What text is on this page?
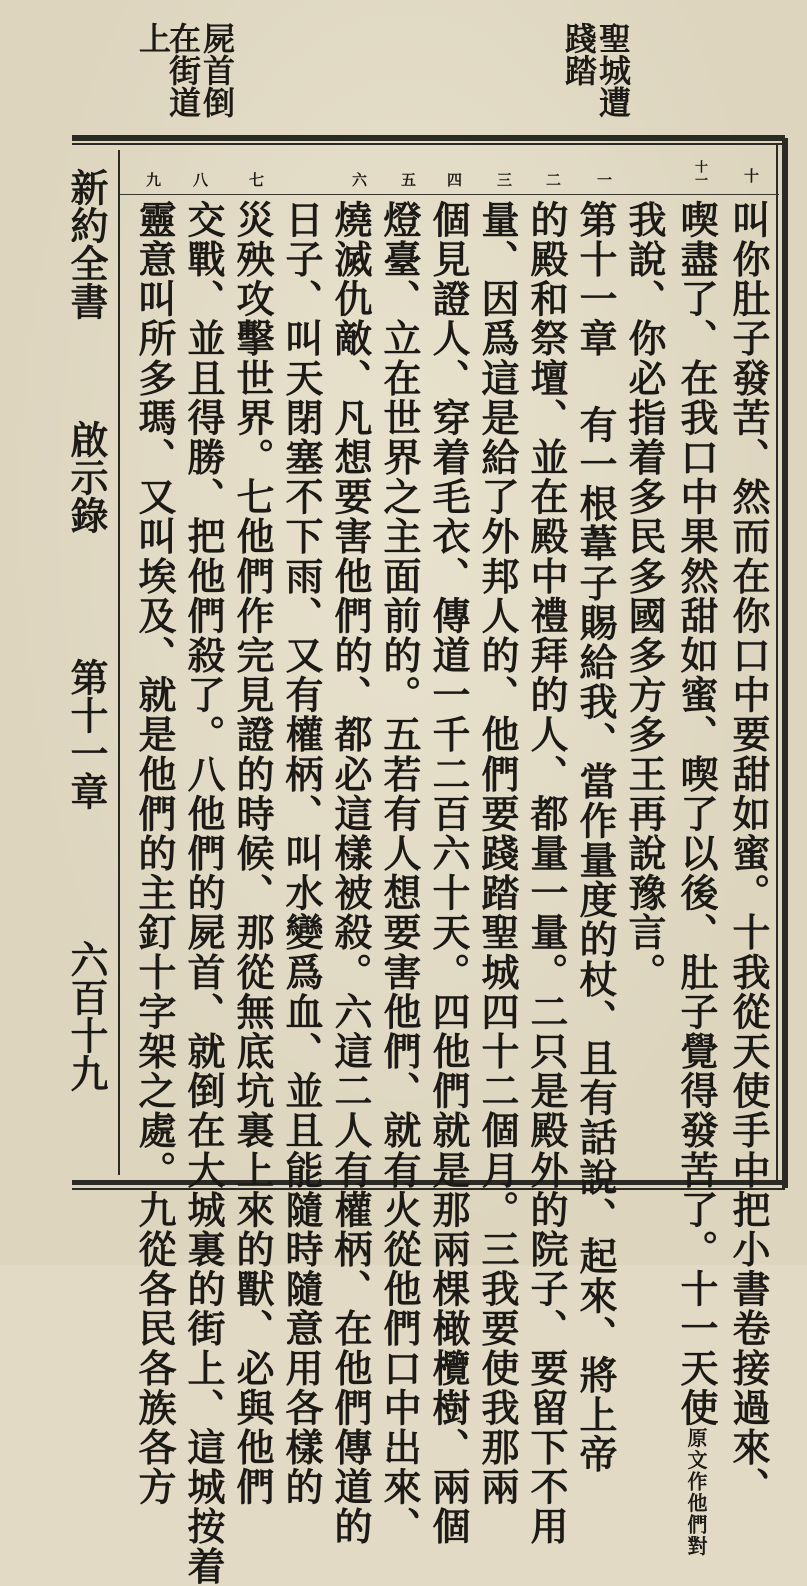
聖城遭
踐踏
屍首倒
在街道
上
新約全書
啟示錄
第十一章
六百十九
十
十一
一
二
三
四
五
六
七
八
九
叫你肚子發苦、然而在你口中要甜如蜜。十我從天使手中把小書卷接過來、
喫盡了、在我口中果然甜如蜜、喫了以後、肚子覺得發苦了。十一天使原文作他們對
我說、你必指着多民多國多方多王再說豫言。
第十一章 有一根葦子賜給我、當作量度的杖、且有話說、起來、將上帝
的殿和祭壇、並在殿中禮拜的人、都量一量。二只是殿外的院子、要留下不用
量、因爲這是給了外邦人的、他們要踐踏聖城四十二個月。三我要使我那兩
個見證人、穿着毛衣、傳道一千二百六十天。四他們就是那兩棵橄欖樹、兩個
燈臺、立在世界之主面前的。五若有人想要害他們、就有火從他們口中出來、
燒滅仇敵、凡想要害他們的、都必這樣被殺。六這二人有權柄、在他們傳道的
日子、叫天閉塞不下雨、又有權柄、叫水變爲血、並且能隨時隨意用各樣的
災殃攻擊世界。七他們作完見證的時候、那從無底坑裏上來的獸、必與他們
交戰、並且得勝、把他們殺了。八他們的屍首、就倒在大城裏的街上、這城按着
靈意叫所多瑪、又叫埃及、就是他們的主釘十字架之處。九從各民各族各方
